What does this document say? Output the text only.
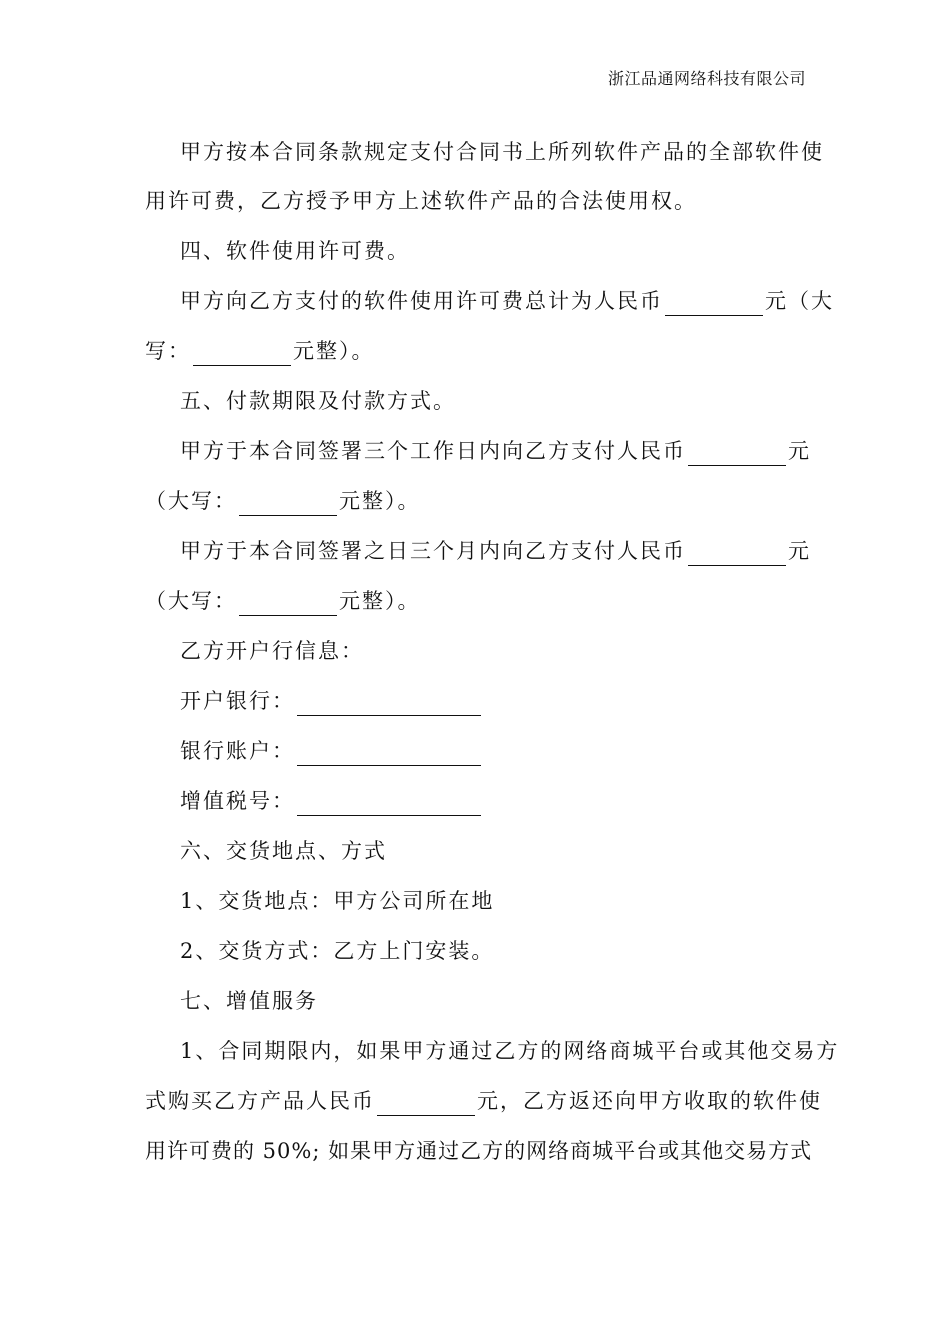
浙江品通网络科技有限公司
甲方按本合同条款规定支付合同书上所列软件产品的全部软件使
用许可费，乙方授予甲方上述软件产品的合法使用权。
四、软件使用许可费。
甲方向乙方支付的软件使用许可费总计为人民币	元（大
写：	元整）。
五、付款期限及付款方式。
甲方于本合同签署三个工作日内向乙方支付人民币	元
（大写：	元整）。
甲方于本合同签署之日三个月内向乙方支付人民币	元
（大写：	元整）。
乙方开户行信息：
开户银行：
银行账户：
增值税号：
六、交货地点、方式
1、交货地点：甲方公司所在地
2、交货方式：乙方上门安装。
七、增值服务
1、合同期限内，如果甲方通过乙方的网络商城平台或其他交易方
式购买乙方产品人民币	元，乙方返还向甲方收取的软件使
用许可费的 50%; 如果甲方通过乙方的网络商城平台或其他交易方式
